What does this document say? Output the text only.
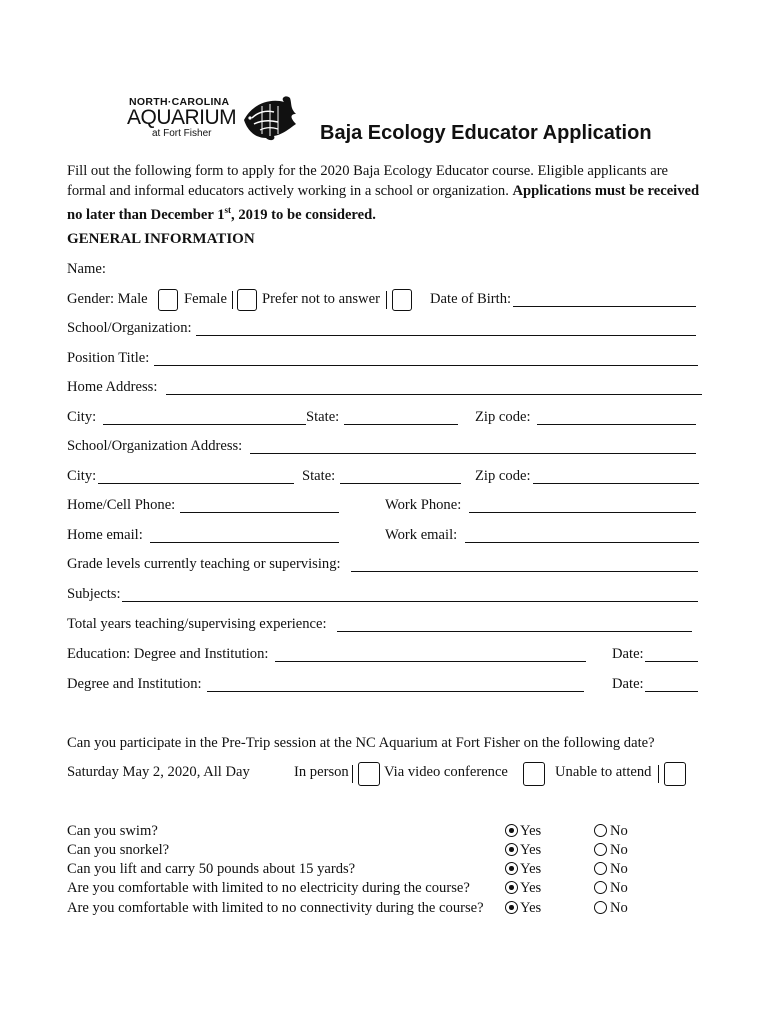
NORTH·CAROLINA
AQUARIUM
at Fort Fisher	Baja Ecology Educator Application
Fill out the following form to apply for the 2020 Baja Ecology Educator course. Eligible applicants are formal and informal educators actively working in a school or organization. Applications must be received no later than December 1st, 2019 to be considered.
GENERAL INFORMATION
Name:
Gender: Male Female Prefer not to answer	Date of Birth:
School/Organization:
Position Title:
Home Address:
City:	State:	Zip code:
School/Organization Address:
City:	State:	Zip code:
Home/Cell Phone:	Work Phone:
Home email:	Work email:
Grade levels currently teaching or supervising:
Subjects:
Total years teaching/supervising experience:
Education: Degree and Institution:	Date:
Degree and Institution:	Date:
Can you participate in the Pre-Trip session at the NC Aquarium at Fort Fisher on the following date?
Saturday May 2, 2020, All Day	In person Via video conference	Unable to attend
Can you swim?	Yes	No
Can you snorkel?	Yes	No
Can you lift and carry 50 pounds about 15 yards?	Yes	No
Are you comfortable with limited to no electricity during the course?	Yes	No
Are you comfortable with limited to no connectivity during the course? Yes	No
